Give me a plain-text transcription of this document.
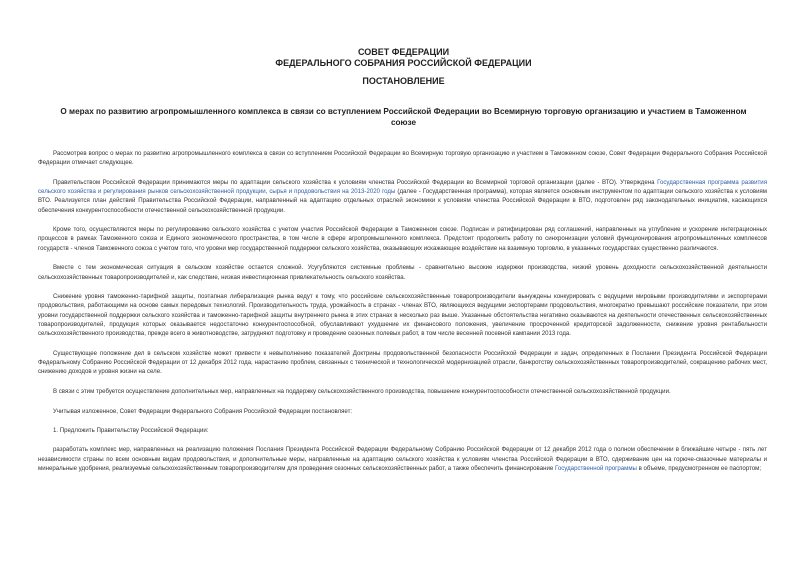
СОВЕТ ФЕДЕРАЦИИ
ФЕДЕРАЛЬНОГО СОБРАНИЯ РОССИЙСКОЙ ФЕДЕРАЦИИ
ПОСТАНОВЛЕНИЕ
О мерах по развитию агропромышленного комплекса в связи со вступлением Российской Федерации во Всемирную торговую организацию и участием в Таможенном союзе

Рассмотрев вопрос о мерах по развитию агропромышленного комплекса в связи со вступлением Российской Федерации во Всемирную торговую организацию и участием в Таможенном союзе, Совет Федерации Федерального Собрания Российской Федерации отмечает следующее.

Правительством Российской Федерации принимаются меры по адаптации сельского хозяйства к условиям членства Российской Федерации во Всемирной торговой организации (далее - ВТО). Утверждена Государственная программа развития сельского хозяйства и регулирования рынков сельскохозяйственной продукции, сырья и продовольствия на 2013-2020 годы (далее - Государственная программа), которая является основным инструментом по адаптации сельского хозяйства к условиям ВТО. Реализуется план действий Правительства Российской Федерации, направленный на адаптацию отдельных отраслей экономики к условиям членства Российской Федерации в ВТО, подготовлен ряд законодательных инициатив, касающихся обеспечения конкурентоспособности отечественной сельскохозяйственной продукции.

Кроме того, осуществляются меры по регулированию сельского хозяйства с учетом участия Российской Федерации в Таможенном союзе. Подписан и ратифицирован ряд соглашений, направленных на углубление и ускорение интеграционных процессов в рамках Таможенного союза и Единого экономического пространства, в том числе в сфере агропромышленного комплекса. Предстоит продолжить работу по синхронизации условий функционирования агропромышленных комплексов государств - членов Таможенного союза с учетом того, что уровни мер государственной поддержки сельского хозяйства, оказывающих искажающее воздействие на взаимную торговлю, в указанных государствах существенно различаются.

Вместе с тем экономическая ситуация в сельском хозяйстве остается сложной. Усугубляются системные проблемы - сравнительно высокие издержки производства, низкий уровень доходности сельскохозяйственной деятельности сельскохозяйственных товаропроизводителей и, как следствие, низкая инвестиционная привлекательность сельского хозяйства.

Снижение уровня таможенно-тарифной защиты, поэтапная либерализация рынка ведут к тому, что российские сельскохозяйственные товаропроизводители вынуждены конкурировать с ведущими мировыми производителями и экспортерами продовольствия, работающими на основе самых передовых технологий. Производительность труда, урожайность в странах - членах ВТО, являющихся ведущими экспортерами продовольствия, многократно превышают российские показатели, при этом уровни государственной поддержки сельского хозяйства и таможенно-тарифной защиты внутреннего рынка в этих странах в несколько раз выше. Указанные обстоятельства негативно сказываются на деятельности отечественных сельскохозяйственных товаропроизводителей, продукция которых оказывается недостаточно конкурентоспособной, обуславливают ухудшение их финансового положения, увеличение просроченной кредиторской задолженности, снижение уровня рентабельности сельскохозяйственного производства, прежде всего в животноводстве, затрудняют подготовку и проведение сезонных полевых работ, в том числе весенней посевной кампании 2013 года.

Существующее положение дел в сельском хозяйстве может привести к невыполнению показателей Доктрины продовольственной безопасности Российской Федерации и задач, определенных в Послании Президента Российской Федерации Федеральному Собранию Российской Федерации от 12 декабря 2012 года, нарастанию проблем, связанных с технической и технологической модернизацией отрасли, банкротству сельскохозяйственных товаропроизводителей, сокращению рабочих мест, снижению доходов и уровня жизни на селе.

В связи с этим требуется осуществление дополнительных мер, направленных на поддержку сельскохозяйственного производства, повышение конкурентоспособности отечественной сельскохозяйственной продукции.

Учитывая изложенное, Совет Федерации Федерального Собрания Российской Федерации постановляет:

1. Предложить Правительству Российской Федерации:

разработать комплекс мер, направленных на реализацию положения Послания Президента Российской Федерации Федеральному Собранию Российской Федерации от 12 декабря 2012 года о полном обеспечении в ближайшие четыре - пять лет независимости страны по всем основным видам продовольствия, и дополнительные меры, направленные на адаптацию сельского хозяйства к условиям членства Российской Федерации в ВТО, сдерживание цен на горюче-смазочные материалы и минеральные удобрения, реализуемые сельскохозяйственным товаропроизводителям для проведения сезонных сельскохозяйственных работ, а также обеспечить финансирование Государственной программы в объеме, предусмотренном ее паспортом;
